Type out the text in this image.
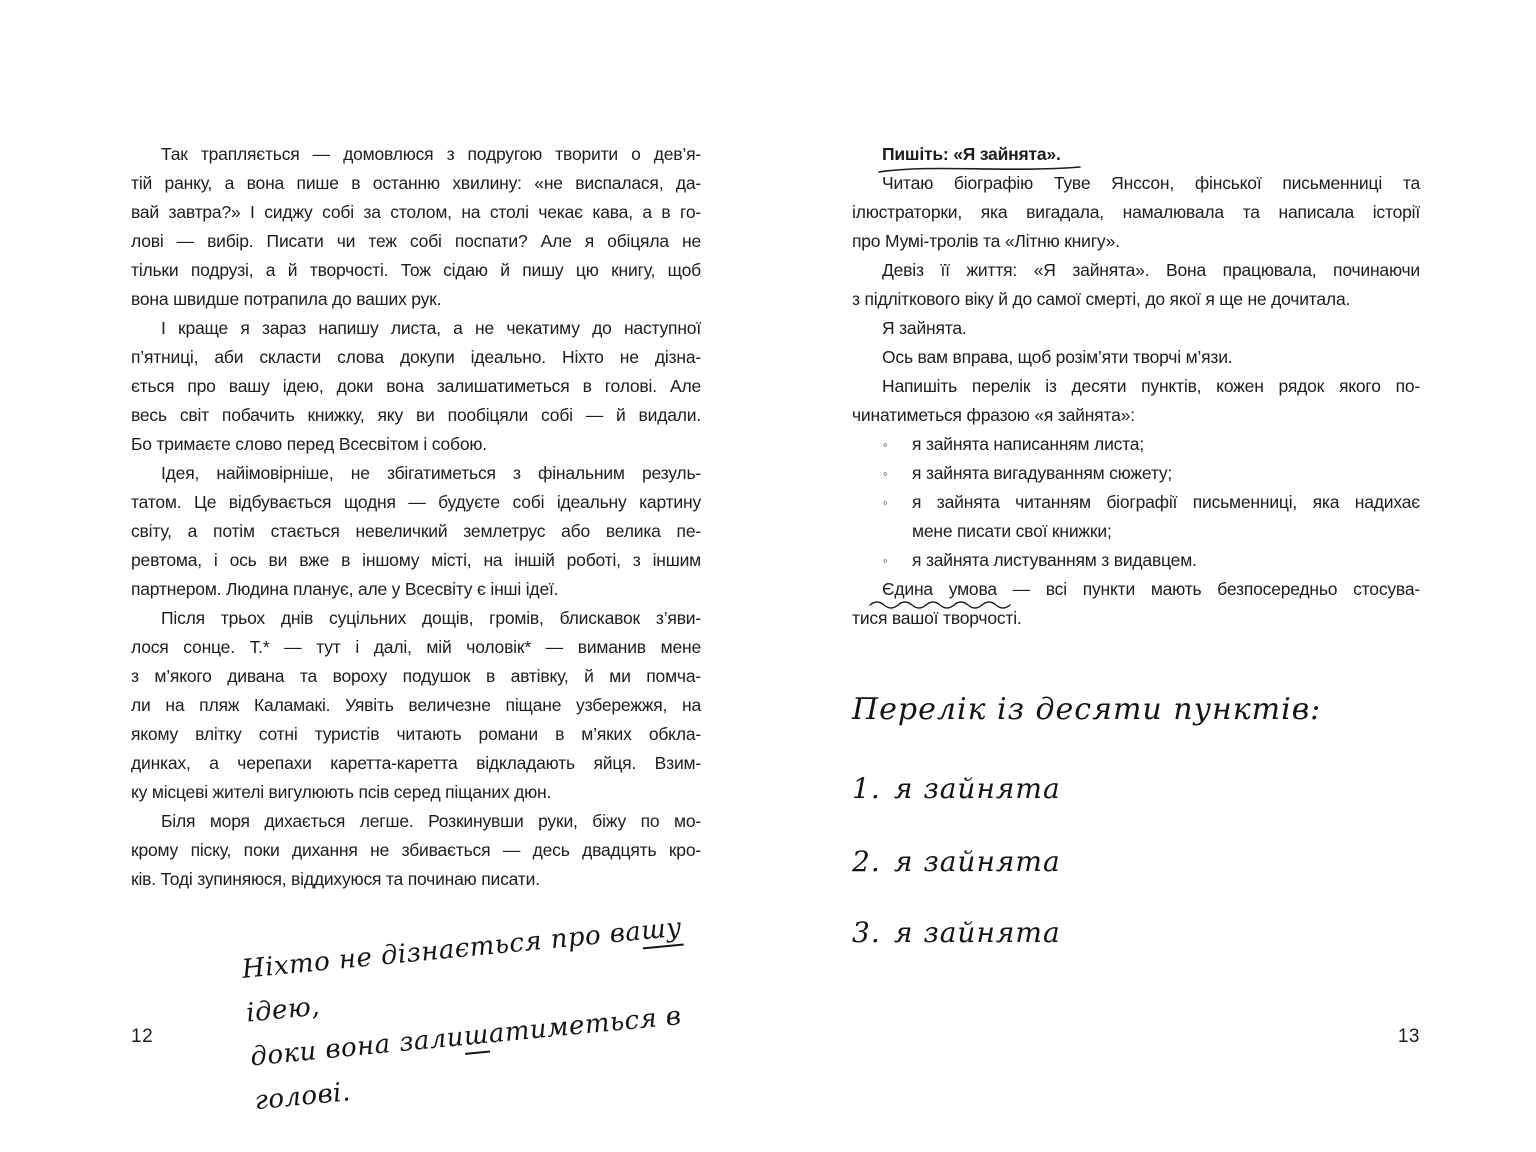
Так трапляється — домовлюся з подругою творити о дев’я-
тій ранку, а вона пише в останню хвилину: «не виспалася, да-
вай завтра?» І сиджу собі за столом, на столі чекає кава, а в го-
лові — вибір. Писати чи теж собі поспати? Але я обіцяла не
тільки подрузі, а й творчості. Тож сідаю й пишу цю книгу, щоб
вона швидше потрапила до ваших рук.
І краще я зараз напишу листа, а не чекатиму до наступної
п’ятниці, аби скласти слова докупи ідеально. Ніхто не дізна-
ється про вашу ідею, доки вона залишатиметься в голові. Але
весь світ побачить книжку, яку ви пообіцяли собі — й видали.
Бо тримаєте слово перед Всесвітом і собою.
Ідея, найімовірніше, не збігатиметься з фінальним резуль-
татом. Це відбувається щодня — будуєте собі ідеальну картину
світу, а потім стається невеличкий землетрус або велика пе-
ревтома, і ось ви вже в іншому місті, на іншій роботі, з іншим
партнером. Людина планує, але у Всесвіту є інші ідеї.
Після трьох днів суцільних дощів, громів, блискавок з’яви-
лося сонце. Т.* — тут і далі, мій чоловік* — виманив мене
з м’якого дивана та вороху подушок в автівку, й ми помча-
ли на пляж Каламакі. Уявіть величезне піщане узбережжя, на
якому влітку сотні туристів читають романи в м’яких обкла-
динках, а черепахи каретта-каретта відкладають яйця. Взим-
ку місцеві жителі вигулюють псів серед піщаних дюн.
Біля моря дихається легше. Розкинувши руки, біжу по мо-
крому піску, поки дихання не збивається — десь двадцять кро-
ків. Тоді зупиняюся, віддихуюся та починаю писати.
Ніхто не дізнається про вашу ідею,
доки вона залишатиметься в голові.
12
Пишіть: «Я зайнята».
Читаю біографію Туве Янссон, фінської письменниці та
ілюстраторки, яка вигадала, намалювала та написала історії
про Мумі-тролів та «Літню книгу».
Девіз її життя: «Я зайнята». Вона працювала, починаючи
з підліткового віку й до самої смерті, до якої я ще не дочитала.
Я зайнята.
Ось вам вправа, щоб розім’яти творчі м’язи.
Напишіть перелік із десяти пунктів, кожен рядок якого по-
чинатиметься фразою «я зайнята»:
◦	я зайнята написанням листа;
◦	я зайнята вигадуванням сюжету;
◦	я зайнята читанням біографії письменниці, яка надихає
мене писати свої книжки;
◦	я зайнята листуванням з видавцем.
Єдина умова — всі пункти мають безпосередньо стосува-
тися вашої творчості.
Перелік із десяти пунктів:
1. я зайнята
2. я зайнята
3. я зайнята
13
